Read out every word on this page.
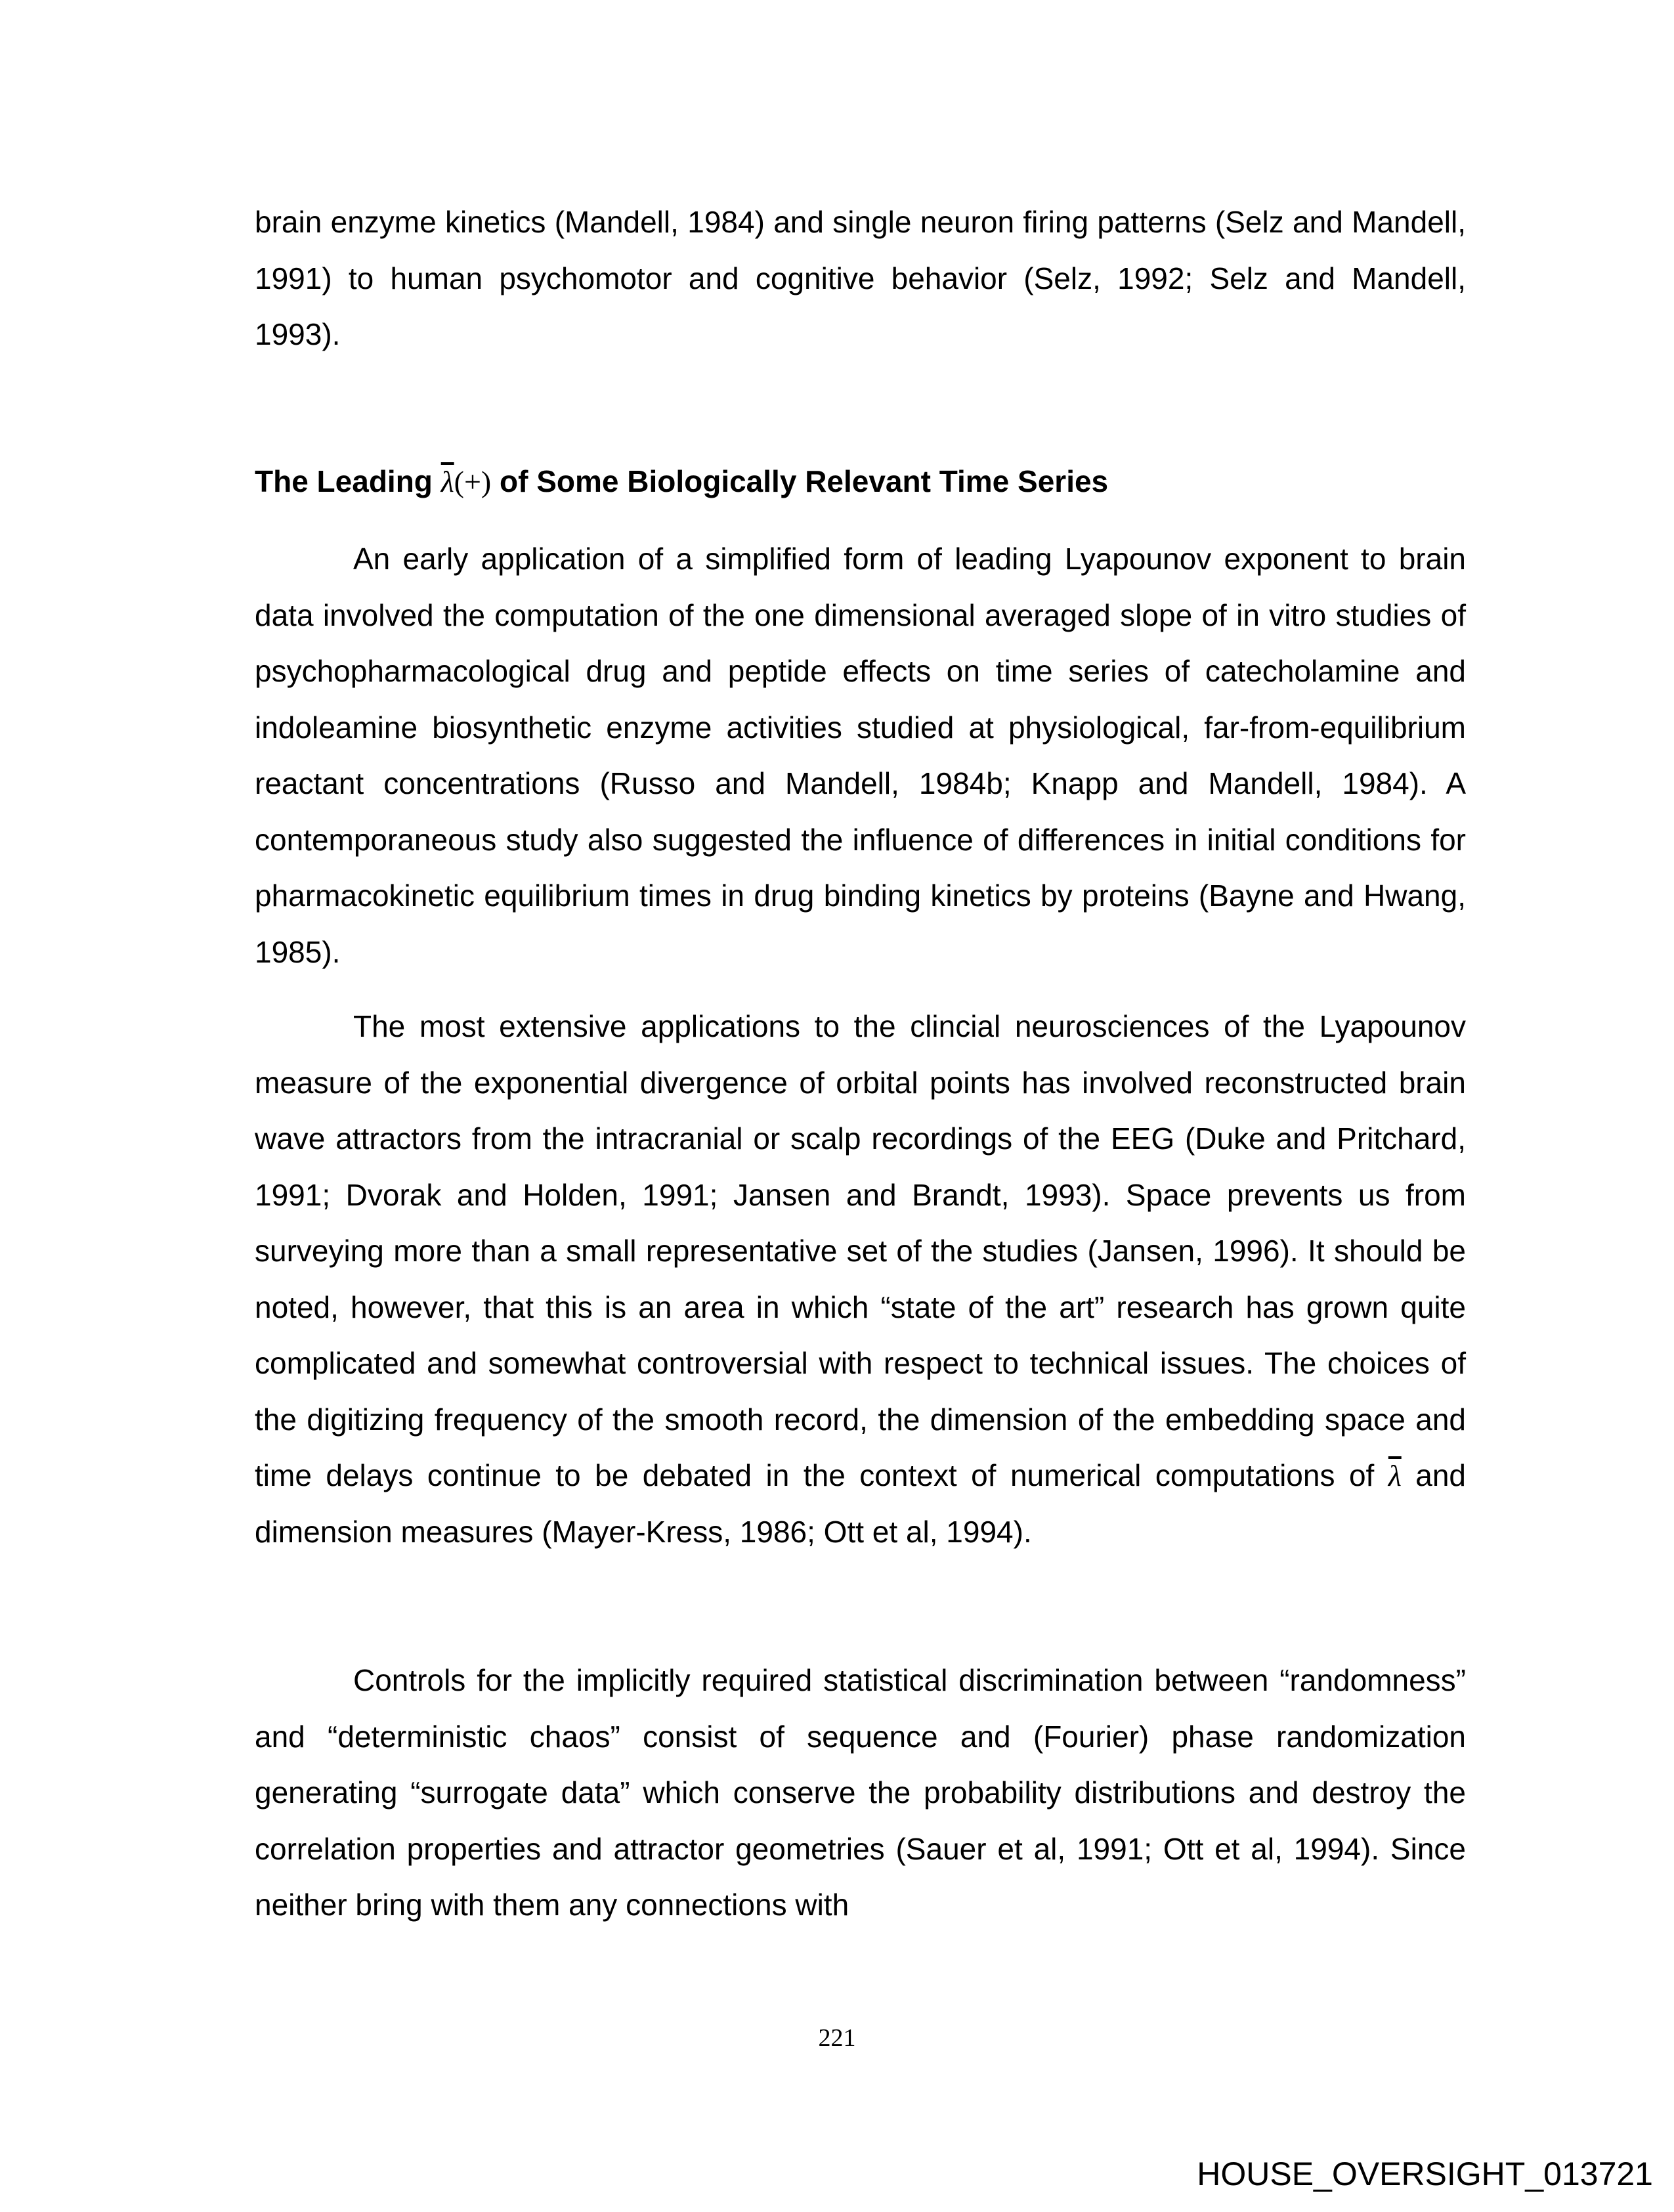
brain enzyme kinetics (Mandell, 1984) and single neuron firing patterns (Selz and Mandell, 1991) to human psychomotor and cognitive behavior (Selz, 1992; Selz and Mandell, 1993).

The Leading λ(+) of Some Biologically Relevant Time Series

An early application of a simplified form of leading Lyapounov exponent to brain data involved the computation of the one dimensional averaged slope of in vitro studies of psychopharmacological drug and peptide effects on time series of catecholamine and indoleamine biosynthetic enzyme activities studied at physiological, far-from-equilibrium reactant concentrations (Russo and Mandell, 1984b; Knapp and Mandell, 1984). A contemporaneous study also suggested the influence of differences in initial conditions for pharmacokinetic equilibrium times in drug binding kinetics by proteins (Bayne and Hwang, 1985).

The most extensive applications to the clincial neurosciences of the Lyapounov measure of the exponential divergence of orbital points has involved reconstructed brain wave attractors from the intracranial or scalp recordings of the EEG (Duke and Pritchard, 1991; Dvorak and Holden, 1991; Jansen and Brandt, 1993). Space prevents us from surveying more than a small representative set of the studies (Jansen, 1996). It should be noted, however, that this is an area in which “state of the art” research has grown quite complicated and somewhat controversial with respect to technical issues. The choices of the digitizing frequency of the smooth record, the dimension of the embedding space and time delays continue to be debated in the context of numerical computations of $\overline{\lambda}$ and dimension measures (Mayer-Kress, 1986; Ott et al, 1994).

Controls for the implicitly required statistical discrimination between “randomness” and “deterministic chaos” consist of sequence and (Fourier) phase randomization generating “surrogate data” which conserve the probability distributions and destroy the correlation properties and attractor geometries (Sauer et al, 1991; Ott et al, 1994). Since neither bring with them any connections with

221
HOUSE_OVERSIGHT_013721
